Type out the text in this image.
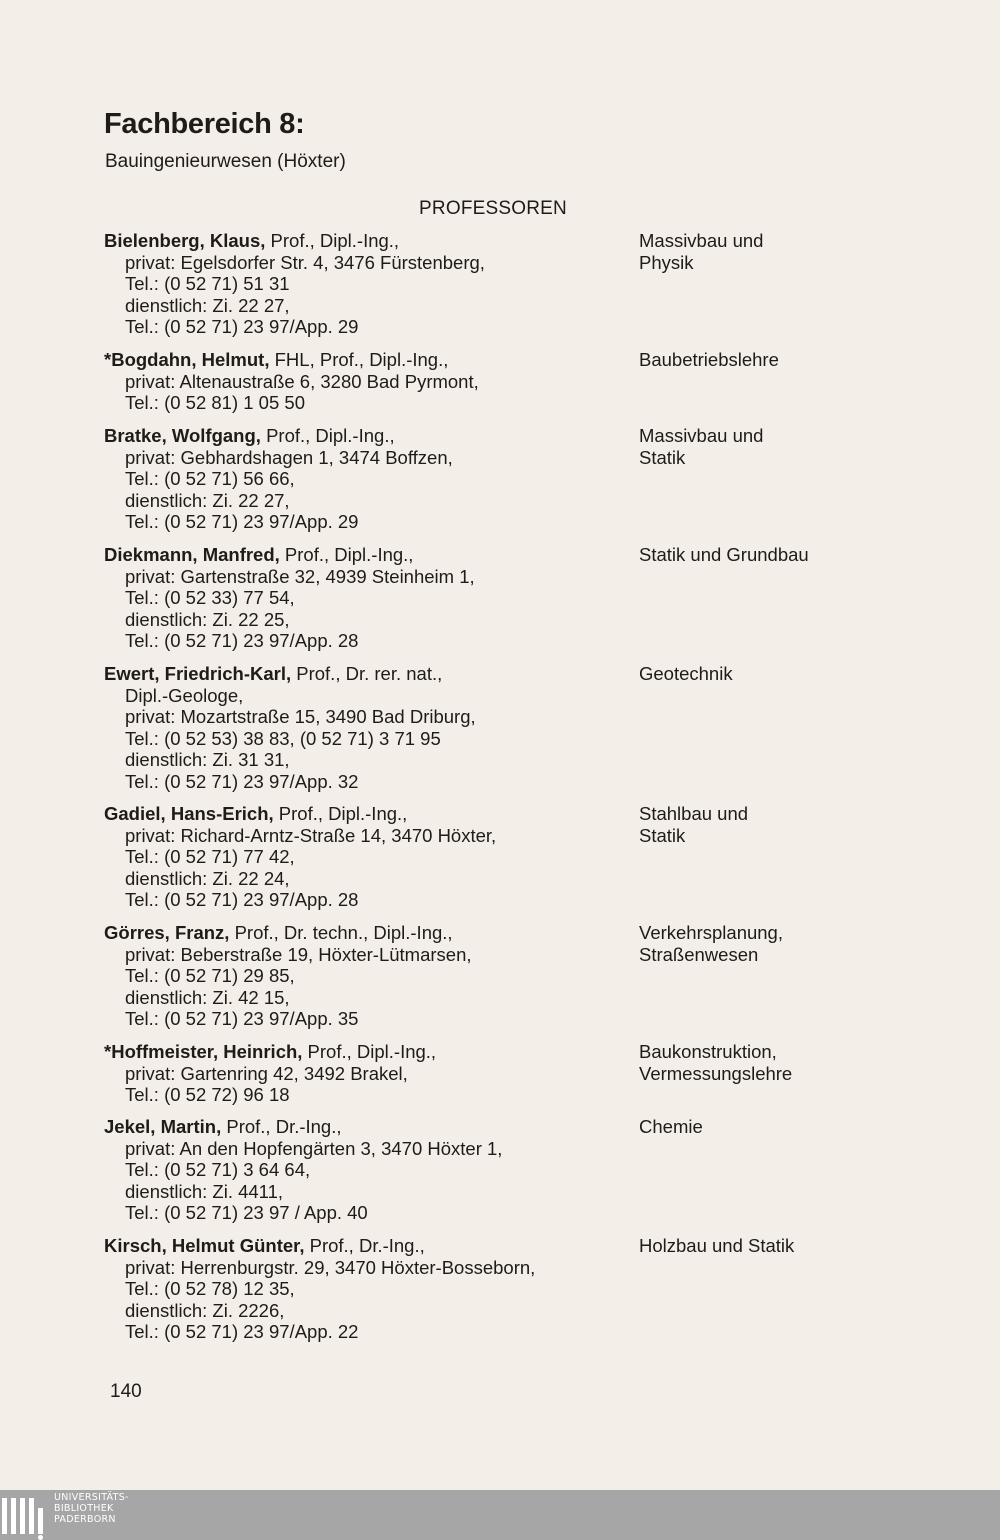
Fachbereich 8:

Bauingenieurwesen (Höxter)

PROFESSOREN

Bielenberg, Klaus, Prof., Dipl.-Ing.,
privat: Egelsdorfer Str. 4, 3476 Fürstenberg,
Tel.: (0 52 71) 51 31
dienstlich: Zi. 22 27,
Tel.: (0 52 71) 23 97/App. 29
Massivbau und
Physik
*Bogdahn, Helmut, FHL, Prof., Dipl.-Ing.,
privat: Altenaustraße 6, 3280 Bad Pyrmont,
Tel.: (0 52 81) 1 05 50
Baubetriebslehre
Bratke, Wolfgang, Prof., Dipl.-Ing.,
privat: Gebhardshagen 1, 3474 Boffzen,
Tel.: (0 52 71) 56 66,
dienstlich: Zi. 22 27,
Tel.: (0 52 71) 23 97/App. 29
Massivbau und
Statik
Diekmann, Manfred, Prof., Dipl.-Ing.,
privat: Gartenstraße 32, 4939 Steinheim 1,
Tel.: (0 52 33) 77 54,
dienstlich: Zi. 22 25,
Tel.: (0 52 71) 23 97/App. 28
Statik und Grundbau
Ewert, Friedrich-Karl, Prof., Dr. rer. nat.,
Dipl.-Geologe,
privat: Mozartstraße 15, 3490 Bad Driburg,
Tel.: (0 52 53) 38 83, (0 52 71) 3 71 95
dienstlich: Zi. 31 31,
Tel.: (0 52 71) 23 97/App. 32
Geotechnik
Gadiel, Hans-Erich, Prof., Dipl.-Ing.,
privat: Richard-Arntz-Straße 14, 3470 Höxter,
Tel.: (0 52 71) 77 42,
dienstlich: Zi. 22 24,
Tel.: (0 52 71) 23 97/App. 28
Stahlbau und
Statik
Görres, Franz, Prof., Dr. techn., Dipl.-Ing.,
privat: Beberstraße 19, Höxter-Lütmarsen,
Tel.: (0 52 71) 29 85,
dienstlich: Zi. 42 15,
Tel.: (0 52 71) 23 97/App. 35
Verkehrsplanung,
Straßenwesen
*Hoffmeister, Heinrich, Prof., Dipl.-Ing.,
privat: Gartenring 42, 3492 Brakel,
Tel.: (0 52 72) 96 18
Baukonstruktion,
Vermessungslehre
Jekel, Martin, Prof., Dr.-Ing.,
privat: An den Hopfengärten 3, 3470 Höxter 1,
Tel.: (0 52 71) 3 64 64,
dienstlich: Zi. 4411,
Tel.: (0 52 71) 23 97 / App. 40
Chemie
Kirsch, Helmut Günter, Prof., Dr.-Ing.,
privat: Herrenburgstr. 29, 3470 Höxter-Bosseborn,
Tel.: (0 52 78) 12 35,
dienstlich: Zi. 2226,
Tel.: (0 52 71) 23 97/App. 22
Holzbau und Statik
140
UNIVERSITÄTS-
BIBLIOTHEK
PADERBORN
